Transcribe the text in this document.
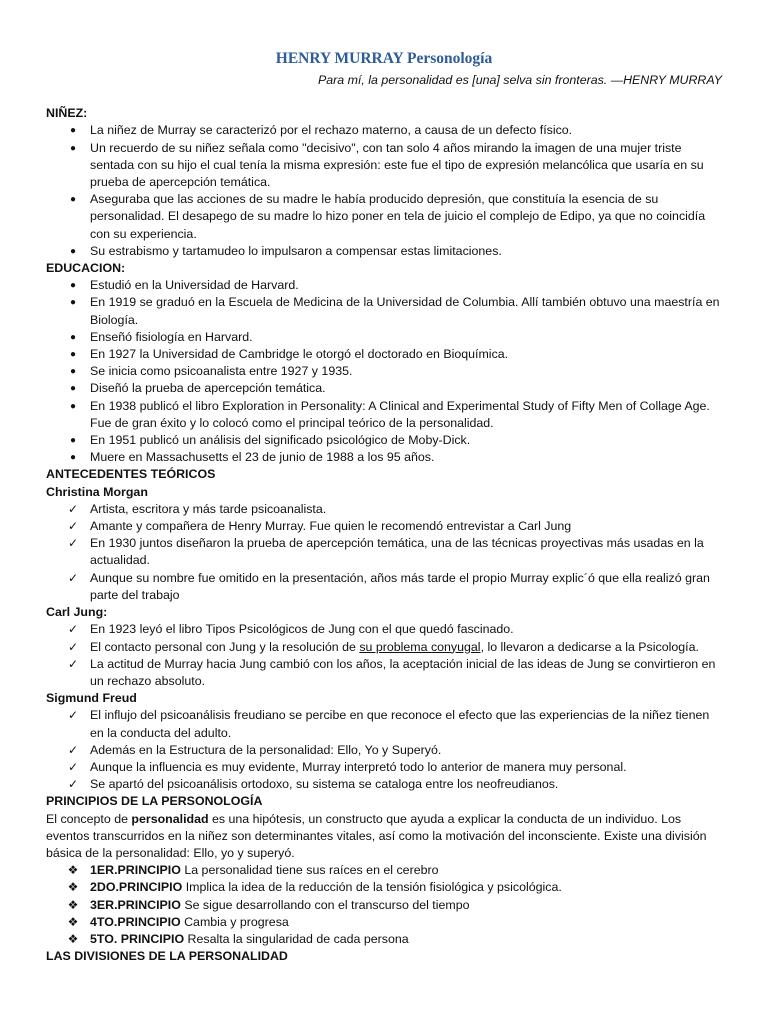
HENRY MURRAY Personología
Para mí, la personalidad es [una] selva sin fronteras. —HENRY MURRAY
NIÑEZ:
●	La niñez de Murray se caracterizó por el rechazo materno, a causa de un defecto físico.
●	Un recuerdo de su niñez señala como "decisivo", con tan solo 4 años mirando la imagen de una mujer triste sentada con su hijo el cual tenía la misma expresión: este fue el tipo de expresión melancólica que usaría en su prueba de apercepción temática.
●	Aseguraba que las acciones de su madre le había producido depresión, que constituía la esencia de su personalidad. El desapego de su madre lo hizo poner en tela de juicio el complejo de Edipo, ya que no coincidía con su experiencia.
●	Su estrabismo y tartamudeo lo impulsaron a compensar estas limitaciones.
EDUCACION:
●	Estudió en la Universidad de Harvard.
●	En 1919 se graduó en la Escuela de Medicina de la Universidad de Columbia. Allí también obtuvo una maestría en Biología.
●	Enseñó fisiología en Harvard.
●	En 1927 la Universidad de Cambridge le otorgó el doctorado en Bioquímica.
●	Se inicia como psicoanalista entre 1927 y 1935.
●	Diseñó la prueba de apercepción temática.
●	En 1938 publicó el libro Exploration in Personality: A Clinical and Experimental Study of Fifty Men of Collage Age. Fue de gran éxito y lo colocó como el principal teórico de la personalidad.
●	En 1951 publicó un análisis del significado psicológico de Moby-Dick.
●	Muere en Massachusetts el 23 de junio de 1988 a los 95 años.
ANTECEDENTES TEÓRICOS
Christina Morgan
✓ Artista, escritora y más tarde psicoanalista.
✓ Amante y compañera de Henry Murray. Fue quien le recomendó entrevistar a Carl Jung
✓ En 1930 juntos diseñaron la prueba de apercepción temática, una de las técnicas proyectivas más usadas en la actualidad.
✓ Aunque su nombre fue omitido en la presentación, años más tarde el propio Murray explic´ó que ella realizó gran parte del trabajo
Carl Jung:
✓ En 1923 leyó el libro Tipos Psicológicos de Jung con el que quedó fascinado.
✓ El contacto personal con Jung y la resolución de su problema conyugal, lo llevaron a dedicarse a la Psicología.
✓ La actitud de Murray hacia Jung cambió con los años, la aceptación inicial de las ideas de Jung se convirtieron en un rechazo absoluto.
Sigmund Freud
✓ El influjo del psicoanálisis freudiano se percibe en que reconoce el efecto que las experiencias de la niñez tienen en la conducta del adulto.
✓ Además en la Estructura de la personalidad: Ello, Yo y Superyó.
✓ Aunque la influencia es muy evidente, Murray interpretó todo lo anterior de manera muy personal.
✓ Se apartó del psicoanálisis ortodoxo, su sistema se cataloga entre los neofreudianos.
PRINCIPIOS DE LA PERSONOLOGÍA

El concepto de personalidad es una hipótesis, un constructo que ayuda a explicar la conducta de un individuo. Los eventos transcurridos en la niñez son determinantes vitales, así como la motivación del inconsciente. Existe una división básica de la personalidad: Ello, yo y superyó.

❖ 1ER.PRINCIPIO La personalidad tiene sus raíces en el cerebro
❖ 2DO.PRINCIPIO Implica la idea de la reducción de la tensión fisiológica y psicológica.
❖ 3ER.PRINCIPIO Se sigue desarrollando con el transcurso del tiempo
❖ 4TO.PRINCIPIO Cambia y progresa
❖ 5TO. PRINCIPIO Resalta la singularidad de cada persona
LAS DIVISIONES DE LA PERSONALIDAD
